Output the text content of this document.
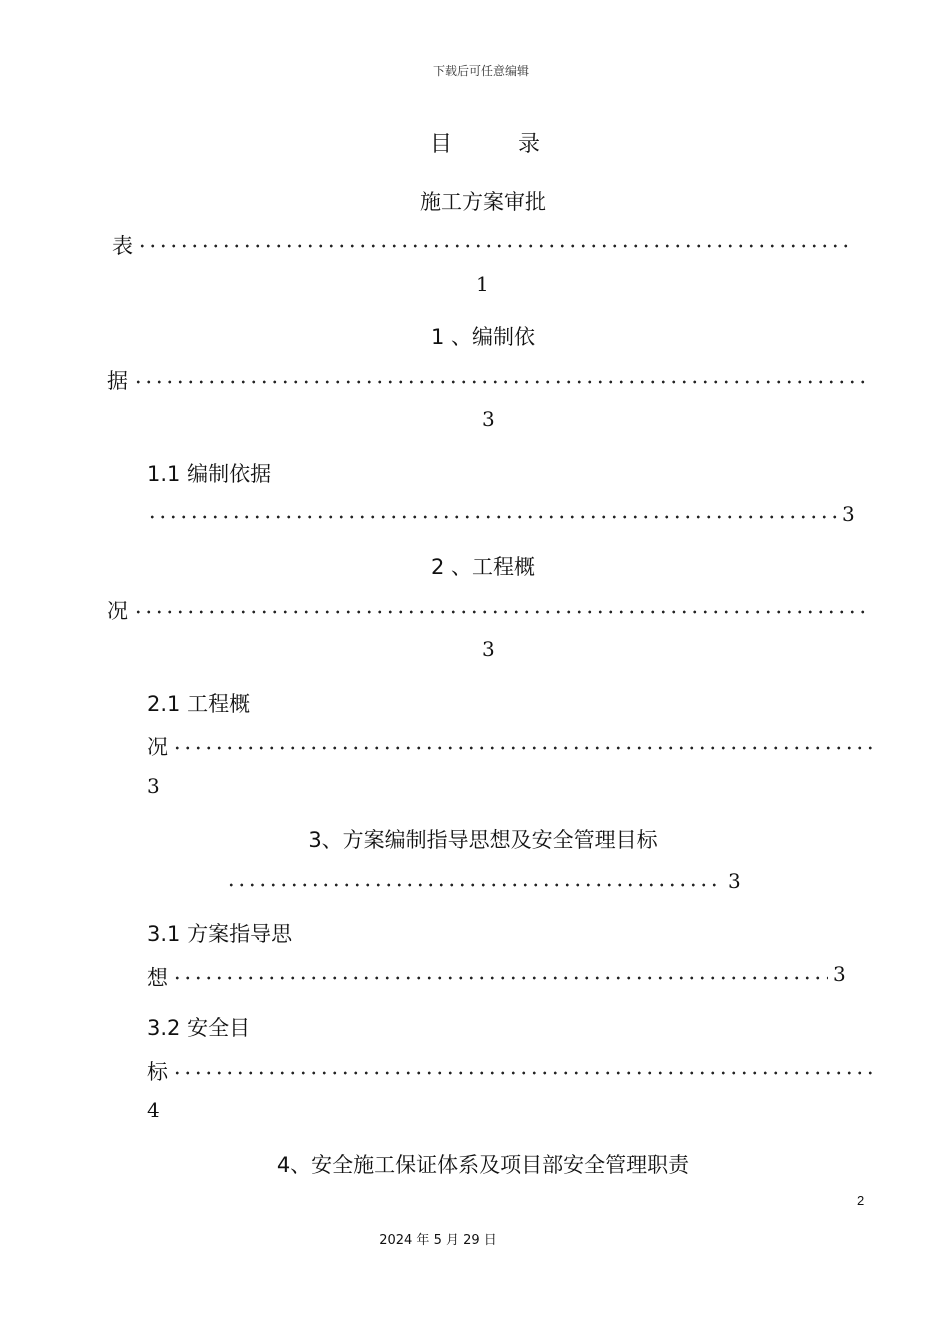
下载后可任意编辑
目	录
施工方案审批
表
1
1 、编制依
据
3
1.1 编制依据
3
2 、工程概
况
3
2.1 工程概
况
3
3、方案编制指导思想及安全管理目标
3
3.1 方案指导思
想	3
3.2 安全目
标
4
4、安全施工保证体系及项目部安全管理职责
2
2024 年 5 月 29 日
